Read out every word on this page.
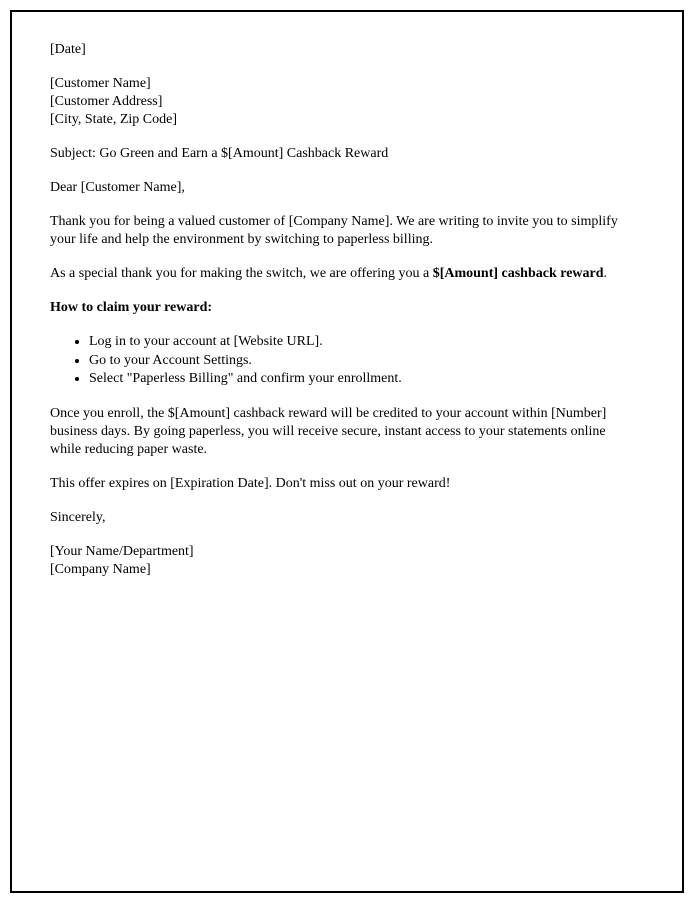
[Date]

[Customer Name]
[Customer Address]
[City, State, Zip Code]

Subject: Go Green and Earn a $[Amount] Cashback Reward

Dear [Customer Name],

Thank you for being a valued customer of [Company Name]. We are writing to invite you to simplify your life and help the environment by switching to paperless billing.

As a special thank you for making the switch, we are offering you a $[Amount] cashback reward.

How to claim your reward:

• Log in to your account at [Website URL].
• Go to your Account Settings.
• Select "Paperless Billing" and confirm your enrollment.

Once you enroll, the $[Amount] cashback reward will be credited to your account within [Number] business days. By going paperless, you will receive secure, instant access to your statements online while reducing paper waste.

This offer expires on [Expiration Date]. Don't miss out on your reward!

Sincerely,

[Your Name/Department]
[Company Name]
